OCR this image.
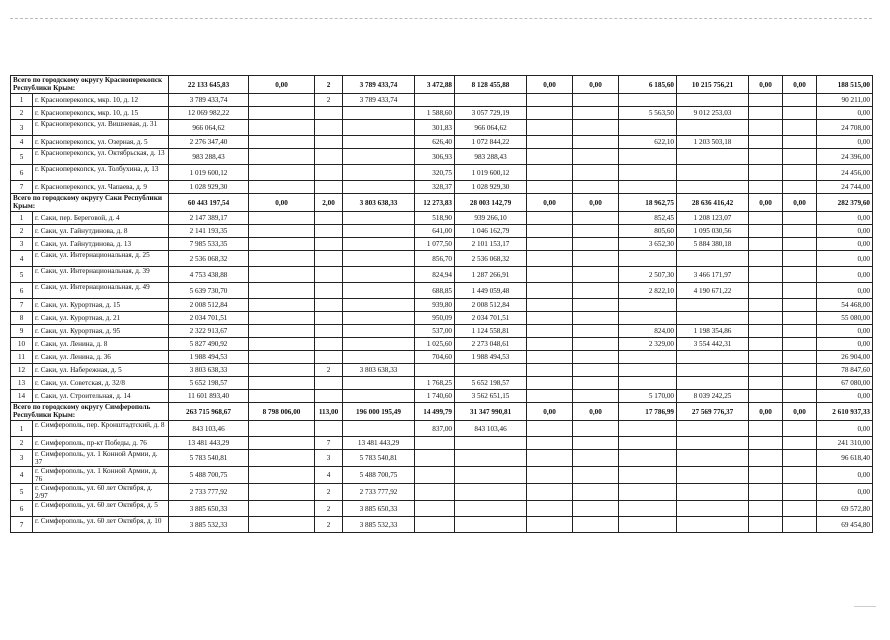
Всего по городскому округу Красноперекопск Республики Крым:		22 133 645,83	0,00	2	3 789 433,74	3 472,88	8 128 455,88	0,00	0,00	6 185,60	10 215 756,21	0,00	0,00	188 515,00
1	г. Красноперекопск, мкр. 10, д. 12	3 789 433,74		2	3 789 433,74									90 211,00
2	г. Красноперекопск, мкр. 10, д. 15	12 069 982,22				1 588,60	3 057 729,19			5 563,50	9 012 253,03			0,00
3	г. Красноперекопск, ул. Вишневая, д. 31	966 064,62				301,83	966 064,62							24 708,00
4	г. Красноперекопск, ул. Озерная, д. 5	2 276 347,40				626,40	1 072 844,22			622,10	1 203 503,18			0,00
5	г. Красноперекопск, ул. Октябрьская, д. 13	983 288,43				306,93	983 288,43							24 396,00
6	г. Красноперекопск, ул. Толбухина, д. 13	1 019 600,12				320,75	1 019 600,12							24 456,00
7	г. Красноперекопск, ул. Чапаева, д. 9	1 028 929,30				328,37	1 028 929,30							24 744,00
Всего по городскому округу Саки Республики Крым:		60 443 197,54	0,00	2,00	3 803 638,33	12 273,83	28 003 142,79	0,00	0,00	18 962,75	28 636 416,42	0,00	0,00	282 379,60
1	г. Саки, пер. Береговой, д. 4	2 147 389,17				518,90	939 266,10			852,45	1 208 123,07			0,00
2	г. Саки, ул. Гайнутдинова, д. 8	2 141 193,35				641,00	1 046 162,79			805,60	1 095 030,56			0,00
3	г. Саки, ул. Гайнутдинова, д. 13	7 985 533,35				1 077,50	2 101 153,17			3 652,30	5 884 380,18			0,00
4	г. Саки, ул. Интернациональная, д. 25	2 536 068,32				856,70	2 536 068,32							0,00
5	г. Саки, ул. Интернациональная, д. 39	4 753 438,88				824,94	1 287 266,91			2 507,30	3 466 171,97			0,00
6	г. Саки, ул. Интернациональная, д. 49	5 639 730,70				688,85	1 449 059,48			2 822,10	4 190 671,22			0,00
7	г. Саки, ул. Курортная, д. 15	2 008 512,84				939,80	2 008 512,84							54 468,00
8	г. Саки, ул. Курортная, д. 21	2 034 701,51				950,09	2 034 701,51							55 080,00
9	г. Саки, ул. Курортная, д. 95	2 322 913,67				537,00	1 124 558,81			824,00	1 198 354,86			0,00
10	г. Саки, ул. Ленина, д. 8	5 827 490,92				1 025,60	2 273 048,61			2 329,00	3 554 442,31			0,00
11	г. Саки, ул. Ленина, д. 36	1 988 494,53				704,60	1 988 494,53							26 904,00
12	г. Саки, ул. Набережная, д. 5	3 803 638,33		2	3 803 638,33									78 847,60
13	г. Саки, ул. Советская, д. 32/8	5 652 198,57				1 768,25	5 652 198,57							67 080,00
14	г. Саки, ул. Строительная, д. 14	11 601 893,40				1 740,60	3 562 651,15			5 170,00	8 039 242,25			0,00
Всего по городскому округу Симферополь Республики Крым:		263 715 968,67	8 798 006,00	113,00	196 000 195,49	14 499,79	31 347 990,81	0,00	0,00	17 786,99	27 569 776,37	0,00	0,00	2 610 937,33
1	г. Симферополь, пер. Кронштадтский, д. 8	843 103,46				837,00	843 103,46							0,00
2	г. Симферополь, пр-кт Победы, д. 76	13 481 443,29		7	13 481 443,29									241 310,00
3	г. Симферополь, ул. 1 Конной Армии, д. 37	5 783 540,81		3	5 783 540,81									96 618,40
4	г. Симферополь, ул. 1 Конной Армии, д. 76	5 488 700,75		4	5 488 700,75									0,00
5	г. Симферополь, ул. 60 лет Октября, д. 2/97	2 733 777,92		2	2 733 777,92									0,00
6	г. Симферополь, ул. 60 лет Октября, д. 5	3 885 650,33		2	3 885 650,33									69 572,80
7	г. Симферополь, ул. 60 лет Октября, д. 10	3 885 532,33		2	3 885 532,33									69 454,80
